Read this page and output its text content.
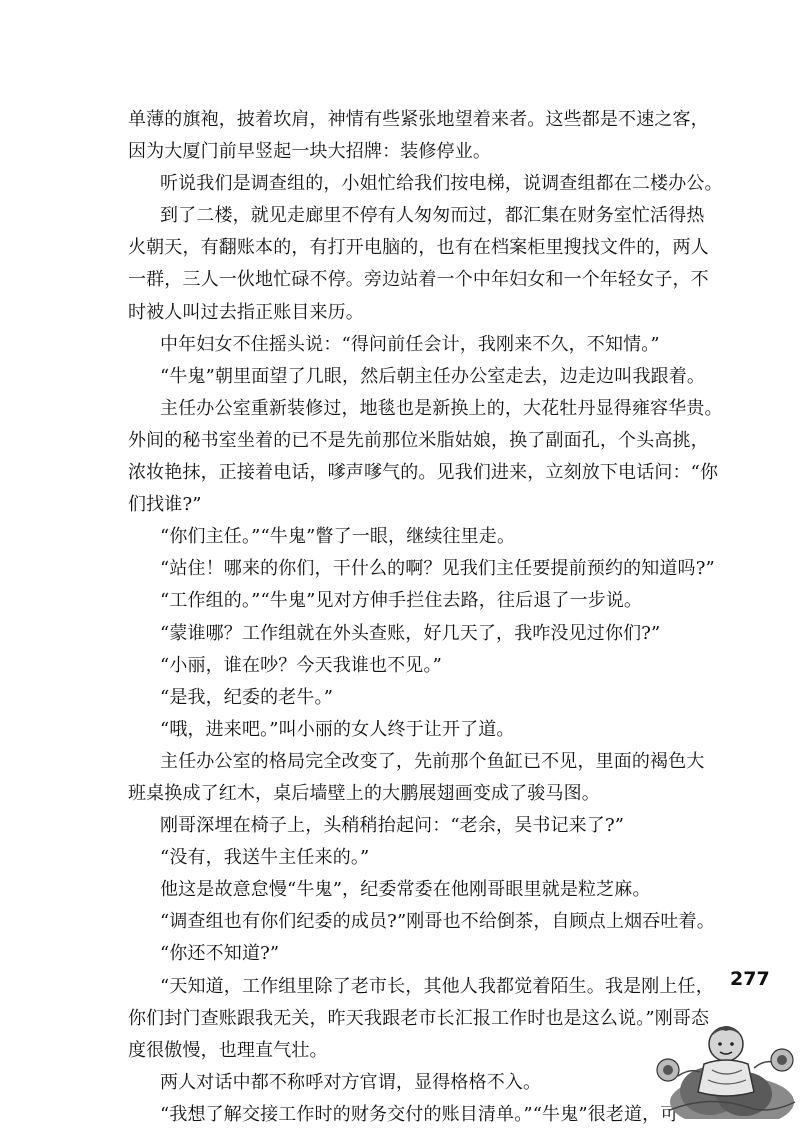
单薄的旗袍，披着坎肩，神情有些紧张地望着来者。这些都是不速之客，
因为大厦门前早竖起一块大招牌：装修停业。
听说我们是调查组的，小姐忙给我们按电梯，说调查组都在二楼办公。
到了二楼，就见走廊里不停有人匆匆而过，都汇集在财务室忙活得热
火朝天，有翻账本的，有打开电脑的，也有在档案柜里搜找文件的，两人
一群，三人一伙地忙碌不停。旁边站着一个中年妇女和一个年轻女子，不
时被人叫过去指正账目来历。
中年妇女不住摇头说：“得问前任会计，我刚来不久，不知情。”
“牛鬼”朝里面望了几眼，然后朝主任办公室走去，边走边叫我跟着。
主任办公室重新装修过，地毯也是新换上的，大花牡丹显得雍容华贵。
外间的秘书室坐着的已不是先前那位米脂姑娘，换了副面孔，个头高挑，
浓妆艳抹，正接着电话，嗲声嗲气的。见我们进来，立刻放下电话问：“你
们找谁?”
“你们主任。”“牛鬼”瞥了一眼，继续往里走。
“站住！哪来的你们，干什么的啊？见我们主任要提前预约的知道吗?”
“工作组的。”“牛鬼”见对方伸手拦住去路，往后退了一步说。
“蒙谁哪？工作组就在外头查账，好几天了，我咋没见过你们?”
“小丽，谁在吵？今天我谁也不见。”
“是我，纪委的老牛。”
“哦，进来吧。”叫小丽的女人终于让开了道。
主任办公室的格局完全改变了，先前那个鱼缸已不见，里面的褐色大
班桌换成了红木，桌后墙壁上的大鹏展翅画变成了骏马图。
刚哥深埋在椅子上，头稍稍抬起问：“老余，吴书记来了?”
“没有，我送牛主任来的。”
他这是故意怠慢“牛鬼”，纪委常委在他刚哥眼里就是粒芝麻。
“调查组也有你们纪委的成员?”刚哥也不给倒茶，自顾点上烟吞吐着。
“你还不知道?”
“天知道，工作组里除了老市长，其他人我都觉着陌生。我是刚上任，
你们封门查账跟我无关，昨天我跟老市长汇报工作时也是这么说。”刚哥态
度很傲慢，也理直气壮。
两人对话中都不称呼对方官谓，显得格格不入。
“我想了解交接工作时的财务交付的账目清单。”“牛鬼”很老道，可
277
